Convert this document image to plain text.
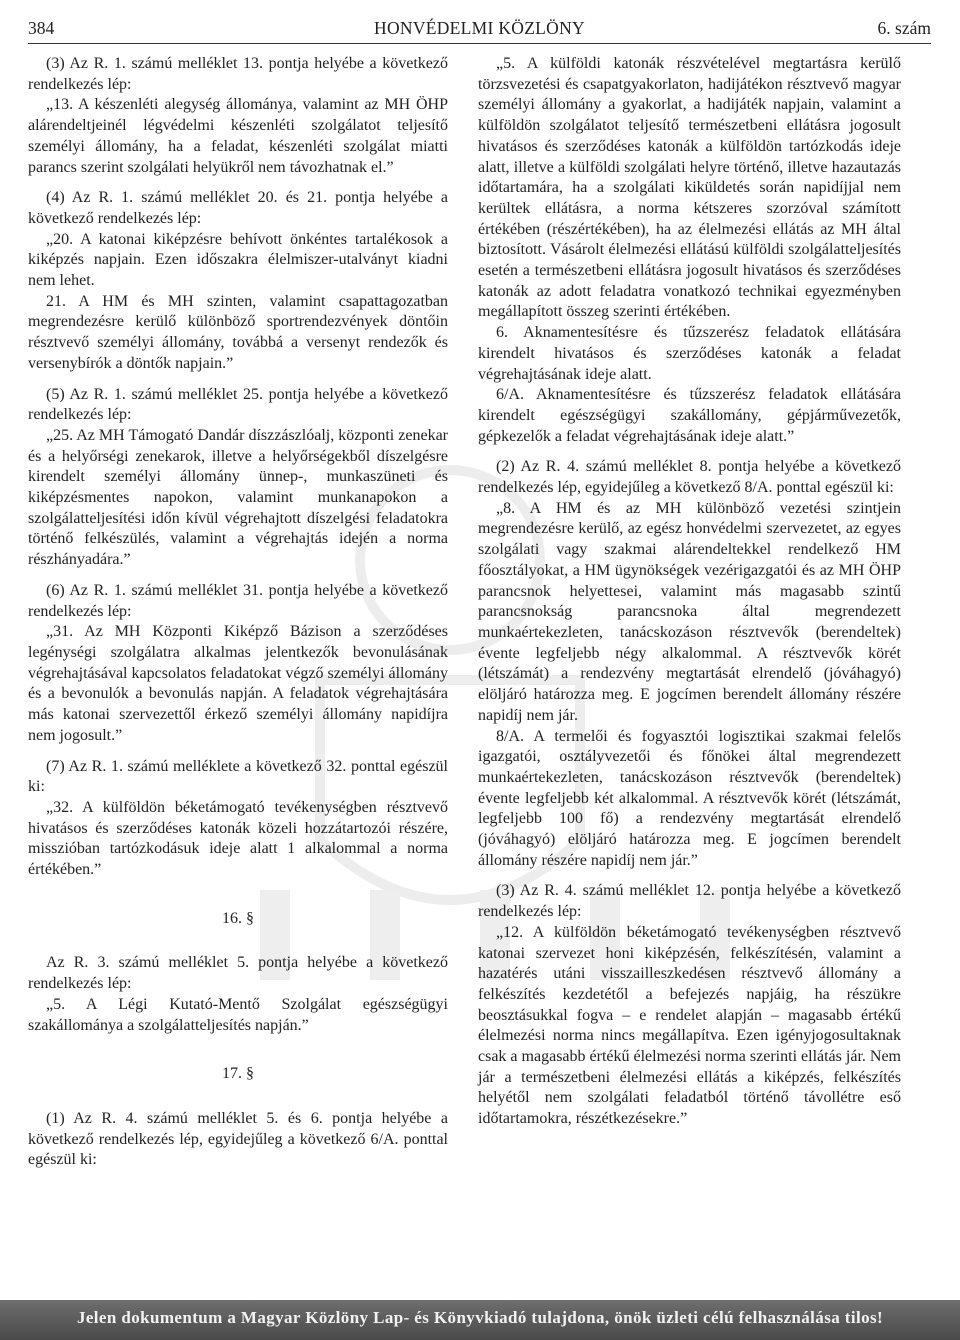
384	HONVÉDELMI KÖZLÖNY	6. szám

(3) Az R. 1. számú melléklet 13. pontja helyébe a következő rendelkezés lép:

„13. A készenléti alegység állománya, valamint az MH ÖHP alárendeltjeinél légvédelmi készenléti szolgálatot teljesítő személyi állomány, ha a feladat, készenléti szolgálat miatti parancs szerint szolgálati helyükről nem távozhatnak el.”

(4) Az R. 1. számú melléklet 20. és 21. pontja helyébe a következő rendelkezés lép:

„20. A katonai kiképzésre behívott önkéntes tartalékosok a kiképzés napjain. Ezen időszakra élelmiszer-utalványt kiadni nem lehet.

21. A HM és MH szinten, valamint csapattagozatban megrendezésre kerülő különböző sportrendezvények döntőin résztvevő személyi állomány, továbbá a versenyt rendezők és versenybírók a döntők napjain.”

(5) Az R. 1. számú melléklet 25. pontja helyébe a következő rendelkezés lép:

„25. Az MH Támogató Dandár díszzászlóalj, központi zenekar és a helyőrségi zenekarok, illetve a helyőrségekből díszelgésre kirendelt személyi állomány ünnep-, munkaszüneti és kiképzésmentes napokon, valamint munkanapokon a szolgálatteljesítési időn kívül végrehajtott díszelgési feladatokra történő felkészülés, valamint a végrehajtás idején a norma részhányadára.”

(6) Az R. 1. számú melléklet 31. pontja helyébe a következő rendelkezés lép:

„31. Az MH Központi Kiképző Bázison a szerződéses legénységi szolgálatra alkalmas jelentkezők bevonulásának végrehajtásával kapcsolatos feladatokat végző személyi állomány és a bevonulók a bevonulás napján. A feladatok végrehajtására más katonai szervezettől érkező személyi állomány napidíjra nem jogosult.”

(7) Az R. 1. számú melléklete a következő 32. ponttal egészül ki:

„32. A külföldön béketámogató tevékenységben résztvevő hivatásos és szerződéses katonák közeli hozzátartozói részére, misszióban tartózkodásuk ideje alatt 1 alkalommal a norma értékében.”

16. §

Az R. 3. számú melléklet 5. pontja helyébe a következő rendelkezés lép:

„5. A Légi Kutató-Mentő Szolgálat egészségügyi szakállománya a szolgálatteljesítés napján.”

17. §

(1) Az R. 4. számú melléklet 5. és 6. pontja helyébe a következő rendelkezés lép, egyidejűleg a következő 6/A. ponttal egészül ki:

„5. A külföldi katonák részvételével megtartásra kerülő törzsvezetési és csapatgyakorlaton, hadijátékon résztvevő magyar személyi állomány a gyakorlat, a hadijáték napjain, valamint a külföldön szolgálatot teljesítő természetbeni ellátásra jogosult hivatásos és szerződéses katonák a külföldön tartózkodás ideje alatt, illetve a külföldi szolgálati helyre történő, illetve hazautazás időtartamára, ha a szolgálati kiküldetés során napidíjjal nem kerültek ellátásra, a norma kétszeres szorzóval számított értékében (részértékében), ha az élelmezési ellátás az MH által biztosított. Vásárolt élelmezési ellátású külföldi szolgálatteljesítés esetén a természetbeni ellátásra jogosult hivatásos és szerződéses katonák az adott feladatra vonatkozó technikai egyezményben megállapított összeg szerinti értékében.

6. Aknamentesítésre és tűzszerész feladatok ellátására kirendelt hivatásos és szerződéses katonák a feladat végrehajtásának ideje alatt.

6/A. Aknamentesítésre és tűzszerész feladatok ellátására kirendelt egészségügyi szakállomány, gépjárművezetők, gépkezelők a feladat végrehajtásának ideje alatt.”

(2) Az R. 4. számú melléklet 8. pontja helyébe a következő rendelkezés lép, egyidejűleg a következő 8/A. ponttal egészül ki:

„8. A HM és az MH különböző vezetési szintjein megrendezésre kerülő, az egész honvédelmi szervezetet, az egyes szolgálati vagy szakmai alárendeltekkel rendelkező HM főosztályokat, a HM ügynökségek vezérigazgatói és az MH ÖHP parancsnok helyettesei, valamint más magasabb szintű parancsnokság parancsnoka által megrendezett munkaértekezleten, tanácskozáson résztvevők (berendeltek) évente legfeljebb négy alkalommal. A résztvevők körét (létszámát) a rendezvény megtartását elrendelő (jóváhagyó) elöljáró határozza meg. E jogcímen berendelt állomány részére napidíj nem jár.

8/A. A termelői és fogyasztói logisztikai szakmai felelős igazgatói, osztályvezetői és főnökei által megrendezett munkaértekezleten, tanácskozáson résztvevők (berendeltek) évente legfeljebb két alkalommal. A résztvevők körét (létszámát, legfeljebb 100 fő) a rendezvény megtartását elrendelő (jóváhagyó) elöljáró határozza meg. E jogcímen berendelt állomány részére napidíj nem jár.”

(3) Az R. 4. számú melléklet 12. pontja helyébe a következő rendelkezés lép:

„12. A külföldön béketámogató tevékenységben résztvevő katonai szervezet honi kiképzésén, felkészítésén, valamint a hazatérés utáni visszailleszkedésen résztvevő állomány a felkészítés kezdetétől a befejezés napjáig, ha részükre beosztásukkal fogva – e rendelet alapján – magasabb értékű élelmezési norma nincs megállapítva. Ezen igényjogosultaknak csak a magasabb értékű élelmezési norma szerinti ellátás jár. Nem jár a természetbeni élelmezési ellátás a kiképzés, felkészítés helyétől nem szolgálati feladatból történő távollétre eső időtartamokra, részétkezésekre.”

Jelen dokumentum a Magyar Közlöny Lap- és Könyvkiadó tulajdona, önök üzleti célú felhasználása tilos!
